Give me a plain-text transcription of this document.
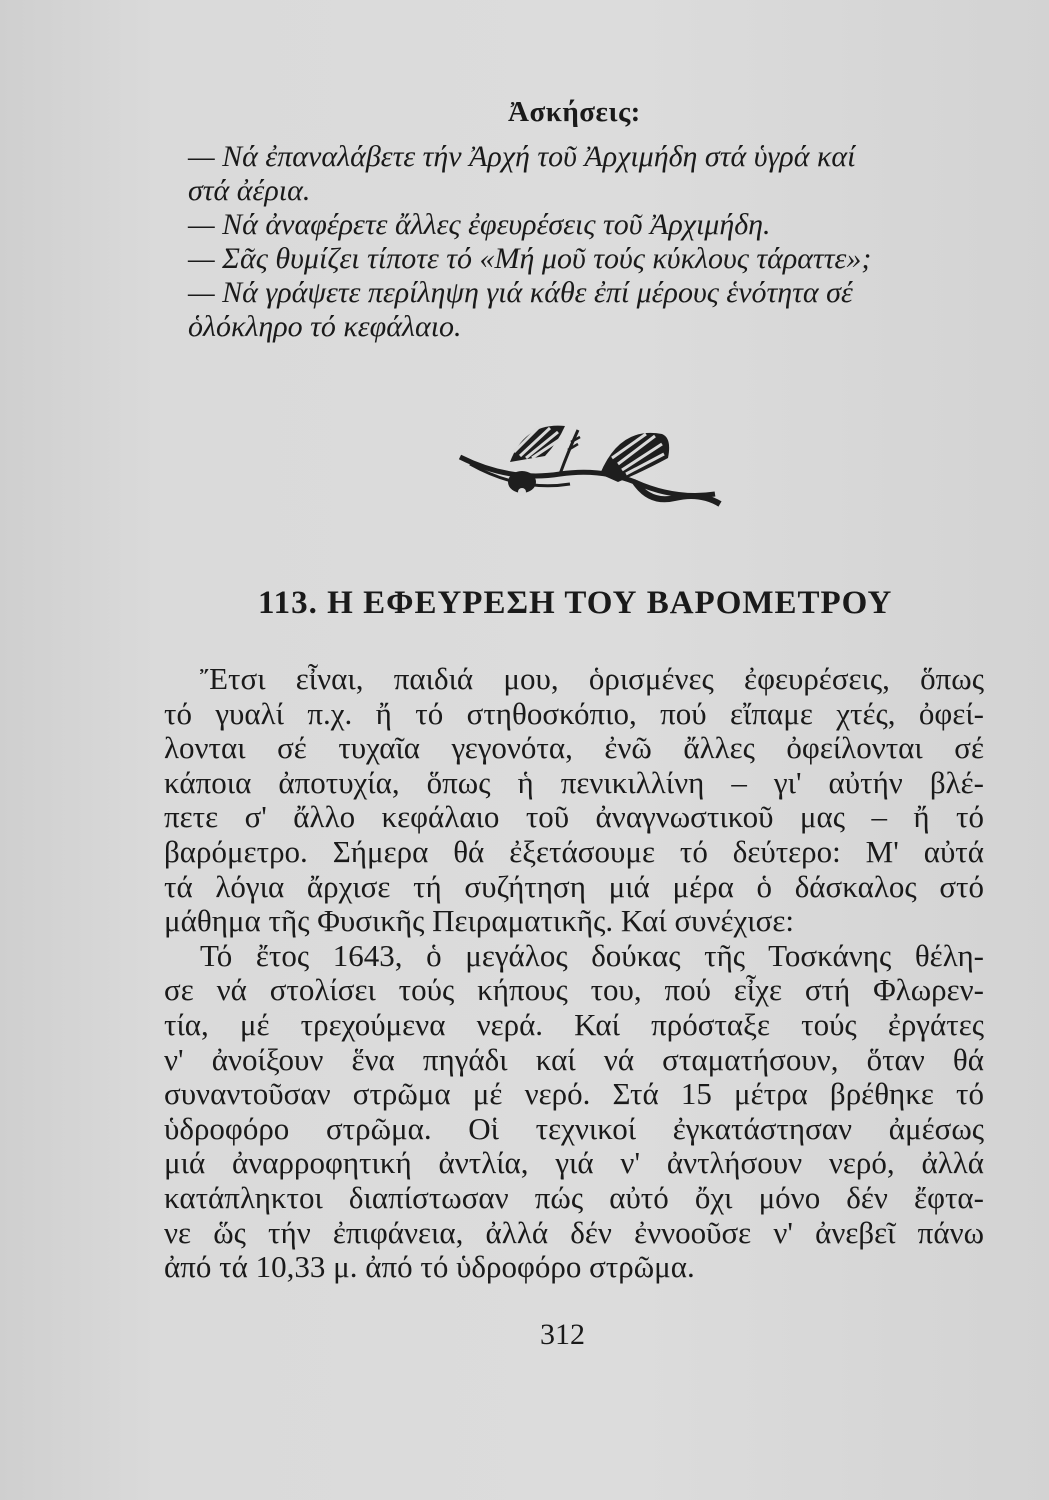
Ἀσκήσεις:
— Νά ἐπαναλάβετε τήν Ἀρχή τοῦ Ἀρχιμήδη στά ὑγρά καί
στά ἀέρια.
— Νά ἀναφέρετε ἄλλες ἐφευρέσεις τοῦ Ἀρχιμήδη.
— Σᾶς θυμίζει τίποτε τό «Μή μοῦ τούς κύκλους τάραττε»;
— Νά γράψετε περίληψη γιά κάθε ἐπί μέρους ἑνότητα σέ
ὁλόκληρο τό κεφάλαιο.
113. Η ΕΦΕΥΡΕΣΗ ΤΟΥ ΒΑΡΟΜΕΤΡΟΥ
Ἔτσι εἶναι, παιδιά μου, ὁρισμένες ἐφευρέσεις, ὅπως
τό γυαλί π.χ. ἤ τό στηθοσκόπιο, πού εἴπαμε χτές, ὀφεί-
λονται σέ τυχαῖα γεγονότα, ἐνῶ ἄλλες ὀφείλονται σέ
κάποια ἀποτυχία, ὅπως ἡ πενικιλλίνη – γι' αὐτήν βλέ-
πετε σ' ἄλλο κεφάλαιο τοῦ ἀναγνωστικοῦ μας – ἤ τό
βαρόμετρο. Σήμερα θά ἐξετάσουμε τό δεύτερο: Μ' αὐτά
τά λόγια ἄρχισε τή συζήτηση μιά μέρα ὁ δάσκαλος στό
μάθημα τῆς Φυσικῆς Πειραματικῆς. Καί συνέχισε:
Τό ἔτος 1643, ὁ μεγάλος δούκας τῆς Τοσκάνης θέλη-
σε νά στολίσει τούς κήπους του, πού εἶχε στή Φλωρεν-
τία, μέ τρεχούμενα νερά. Καί πρόσταξε τούς ἐργάτες
ν' ἀνοίξουν ἕνα πηγάδι καί νά σταματήσουν, ὅταν θά
συναντοῦσαν στρῶμα μέ νερό. Στά 15 μέτρα βρέθηκε τό
ὑδροφόρο στρῶμα. Οἱ τεχνικοί ἐγκατάστησαν ἀμέσως
μιά ἀναρροφητική ἀντλία, γιά ν' ἀντλήσουν νερό, ἀλλά
κατάπληκτοι διαπίστωσαν πώς αὐτό ὄχι μόνο δέν ἔφτα-
νε ὥς τήν ἐπιφάνεια, ἀλλά δέν ἐννοοῦσε ν' ἀνεβεῖ πάνω
ἀπό τά 10,33 μ. ἀπό τό ὑδροφόρο στρῶμα.
312
